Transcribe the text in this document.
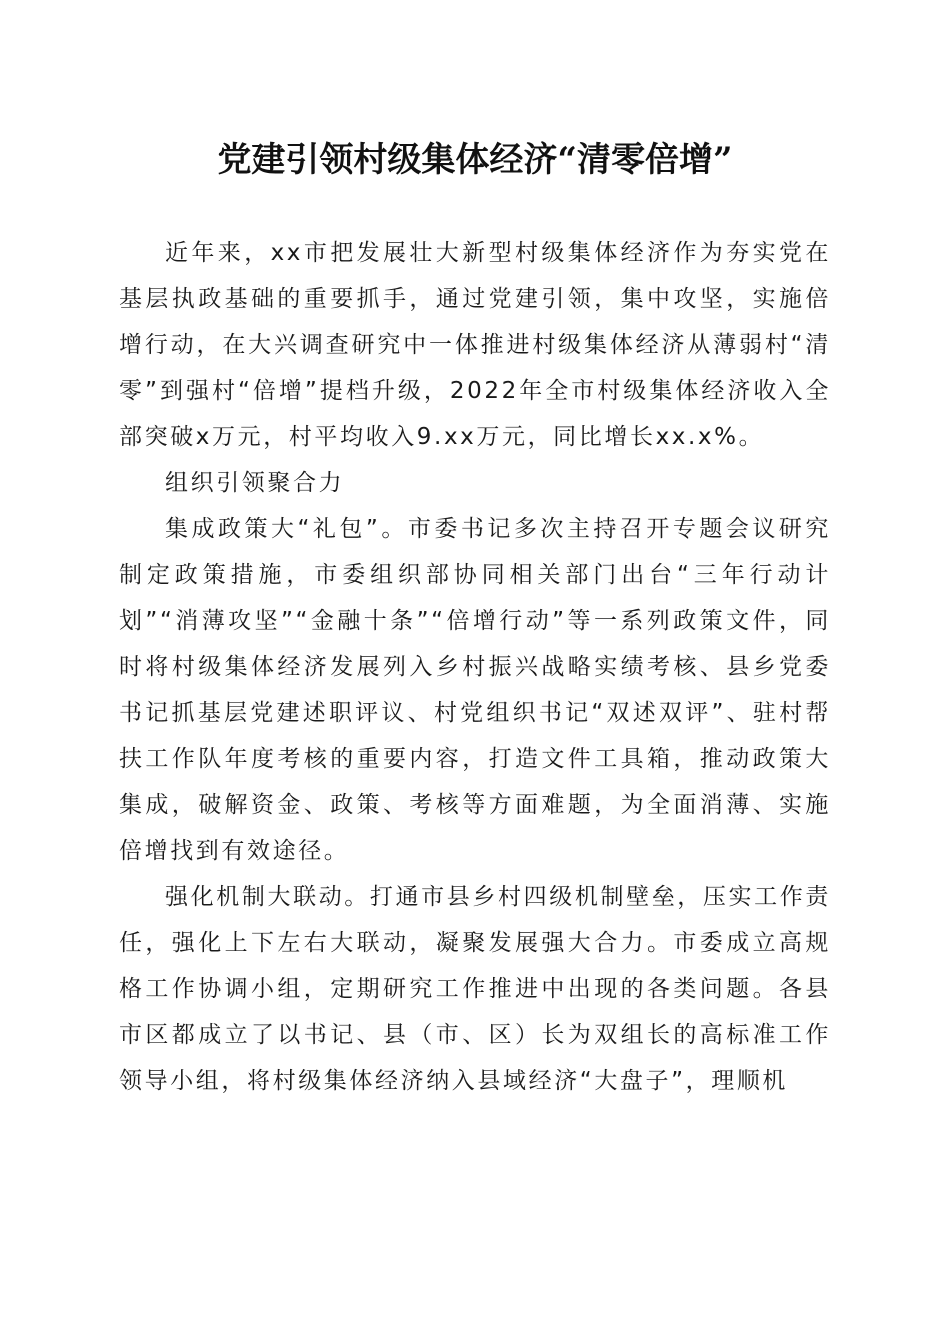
党建引领村级集体经济“清零倍增”

近年来，xx市把发展壮大新型村级集体经济作为夯实党在基层执政基础的重要抓手，通过党建引领，集中攻坚，实施倍增行动，在大兴调查研究中一体推进村级集体经济从薄弱村“清零”到强村“倍增”提档升级，2022年全市村级集体经济收入全部突破x万元，村平均收入9.xx万元，同比增长xx.x%。

组织引领聚合力

集成政策大“礼包”。市委书记多次主持召开专题会议研究制定政策措施，市委组织部协同相关部门出台“三年行动计划”“消薄攻坚”“金融十条”“倍增行动”等一系列政策文件，同时将村级集体经济发展列入乡村振兴战略实绩考核、县乡党委书记抓基层党建述职评议、村党组织书记“双述双评”、驻村帮扶工作队年度考核的重要内容，打造文件工具箱，推动政策大集成，破解资金、政策、考核等方面难题，为全面消薄、实施倍增找到有效途径。

强化机制大联动。打通市县乡村四级机制壁垒，压实工作责任，强化上下左右大联动，凝聚发展强大合力。市委成立高规格工作协调小组，定期研究工作推进中出现的各类问题。各县市区都成立了以书记、县（市、区）长为双组长的高标准工作领导小组，将村级集体经济纳入县域经济“大盘子”，理顺机
